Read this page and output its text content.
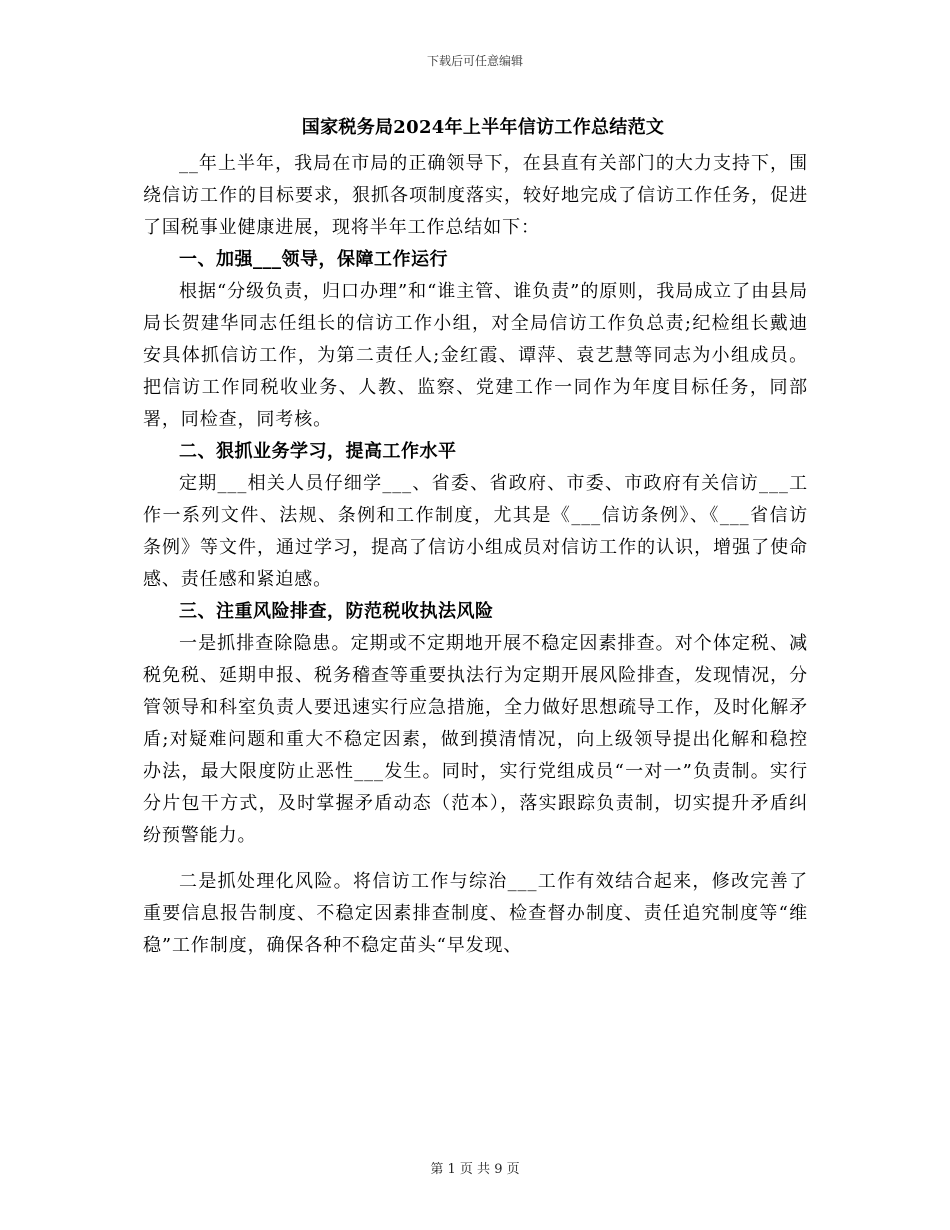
下载后可任意编辑
国家税务局2024年上半年信访工作总结范文

__年上半年，我局在市局的正确领导下，在县直有关部门的大力支持下，围绕信访工作的目标要求，狠抓各项制度落实，较好地完成了信访工作任务，促进了国税事业健康进展，现将半年工作总结如下：

一、加强___领导，保障工作运行

根据“分级负责，归口办理”和“谁主管、谁负责”的原则，我局成立了由县局局长贺建华同志任组长的信访工作小组，对全局信访工作负总责;纪检组长戴迪安具体抓信访工作，为第二责任人;金红霞、谭萍、袁艺慧等同志为小组成员。把信访工作同税收业务、人教、监察、党建工作一同作为年度目标任务，同部署，同检查，同考核。

二、狠抓业务学习，提高工作水平

定期___相关人员仔细学___、省委、省政府、市委、市政府有关信访___工作一系列文件、法规、条例和工作制度，尤其是《___信访条例》、《___省信访条例》等文件，通过学习，提高了信访小组成员对信访工作的认识，增强了使命感、责任感和紧迫感。

三、注重风险排查，防范税收执法风险

一是抓排查除隐患。定期或不定期地开展不稳定因素排查。对个体定税、减税免税、延期申报、税务稽查等重要执法行为定期开展风险排查，发现情况，分管领导和科室负责人要迅速实行应急措施，全力做好思想疏导工作，及时化解矛盾;对疑难问题和重大不稳定因素，做到摸清情况，向上级领导提出化解和稳控办法，最大限度防止恶性___发生。同时，实行党组成员“一对一”负责制。实行分片包干方式，及时掌握矛盾动态（范本），落实跟踪负责制，切实提升矛盾纠纷预警能力。

二是抓处理化风险。将信访工作与综治___工作有效结合起来，修改完善了重要信息报告制度、不稳定因素排查制度、检查督办制度、责任追究制度等“维稳”工作制度，确保各种不稳定苗头“早发现、

第 1 页 共 9 页
